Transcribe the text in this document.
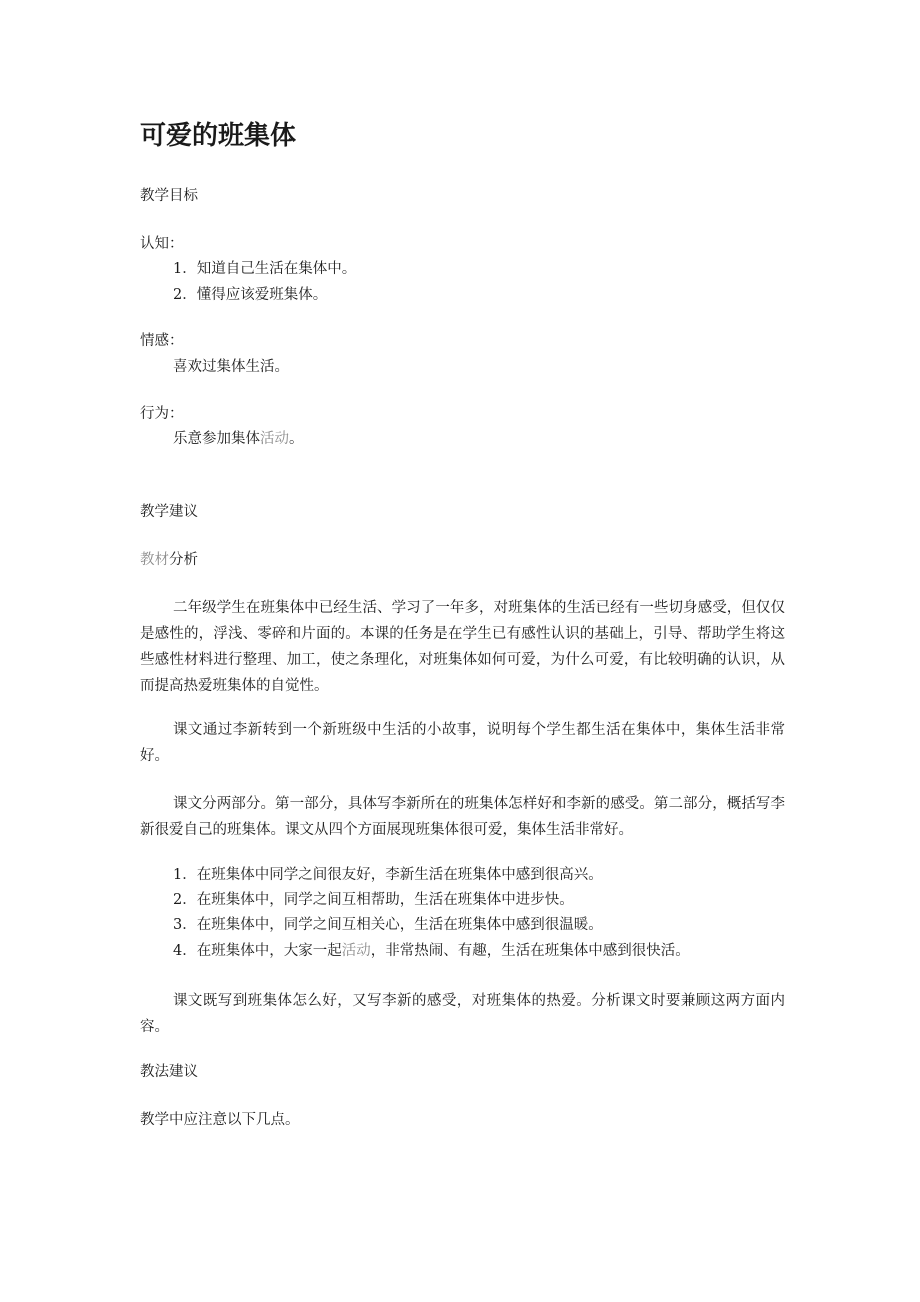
可爱的班集体

教学目标

认知：

1．知道自己生活在集体中。

2．懂得应该爱班集体。

情感：

喜欢过集体生活。

行为：

乐意参加集体活动。

教学建议

教材分析

二年级学生在班集体中已经生活、学习了一年多，对班集体的生活已经有一些切身感受，但仅仅是感性的，浮浅、零碎和片面的。本课的任务是在学生已有感性认识的基础上，引导、帮助学生将这些感性材料进行整理、加工，使之条理化，对班集体如何可爱，为什么可爱，有比较明确的认识，从而提高热爱班集体的自觉性。

课文通过李新转到一个新班级中生活的小故事，说明每个学生都生活在集体中，集体生活非常好。

课文分两部分。第一部分，具体写李新所在的班集体怎样好和李新的感受。第二部分，概括写李新很爱自己的班集体。课文从四个方面展现班集体很可爱，集体生活非常好。

1．在班集体中同学之间很友好，李新生活在班集体中感到很高兴。

2．在班集体中，同学之间互相帮助，生活在班集体中进步快。

3．在班集体中，同学之间互相关心，生活在班集体中感到很温暖。

4．在班集体中，大家一起活动，非常热闹、有趣，生活在班集体中感到很快活。

课文既写到班集体怎么好，又写李新的感受，对班集体的热爱。分析课文时要兼顾这两方面内容。

教法建议

教学中应注意以下几点。
